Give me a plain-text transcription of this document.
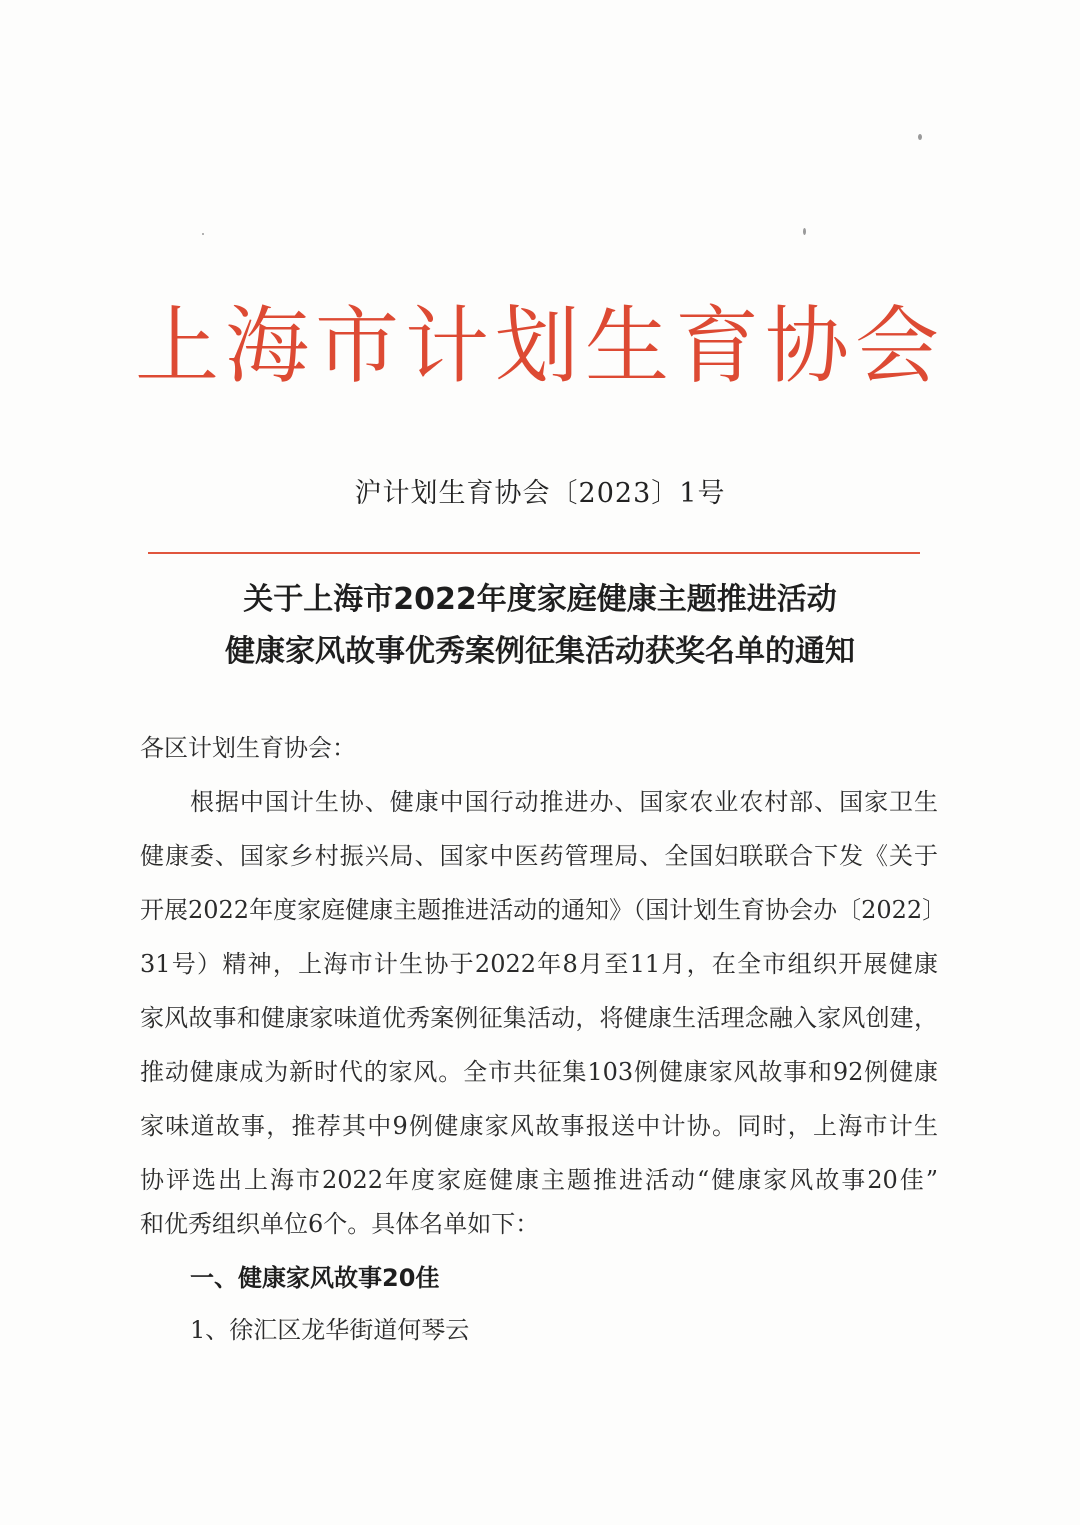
上海市计划生育协会
沪计划生育协会〔2023〕1号
关于上海市2022年度家庭健康主题推进活动
健康家风故事优秀案例征集活动获奖名单的通知
各区计划生育协会：
根据中国计生协、健康中国行动推进办、国家农业农村部、国家卫生
健康委、国家乡村振兴局、国家中医药管理局、全国妇联联合下发《关于
开展2022年度家庭健康主题推进活动的通知》（国计划生育协会办〔2022〕
31号）精神，上海市计生协于2022年8月至11月，在全市组织开展健康
家风故事和健康家味道优秀案例征集活动，将健康生活理念融入家风创建，
推动健康成为新时代的家风。全市共征集103例健康家风故事和92例健康
家味道故事，推荐其中9例健康家风故事报送中计协。同时，上海市计生
协评选出上海市2022年度家庭健康主题推进活动“健康家风故事20佳”
和优秀组织单位6个。具体名单如下：
一、健康家风故事20佳
1、徐汇区龙华街道何琴云
